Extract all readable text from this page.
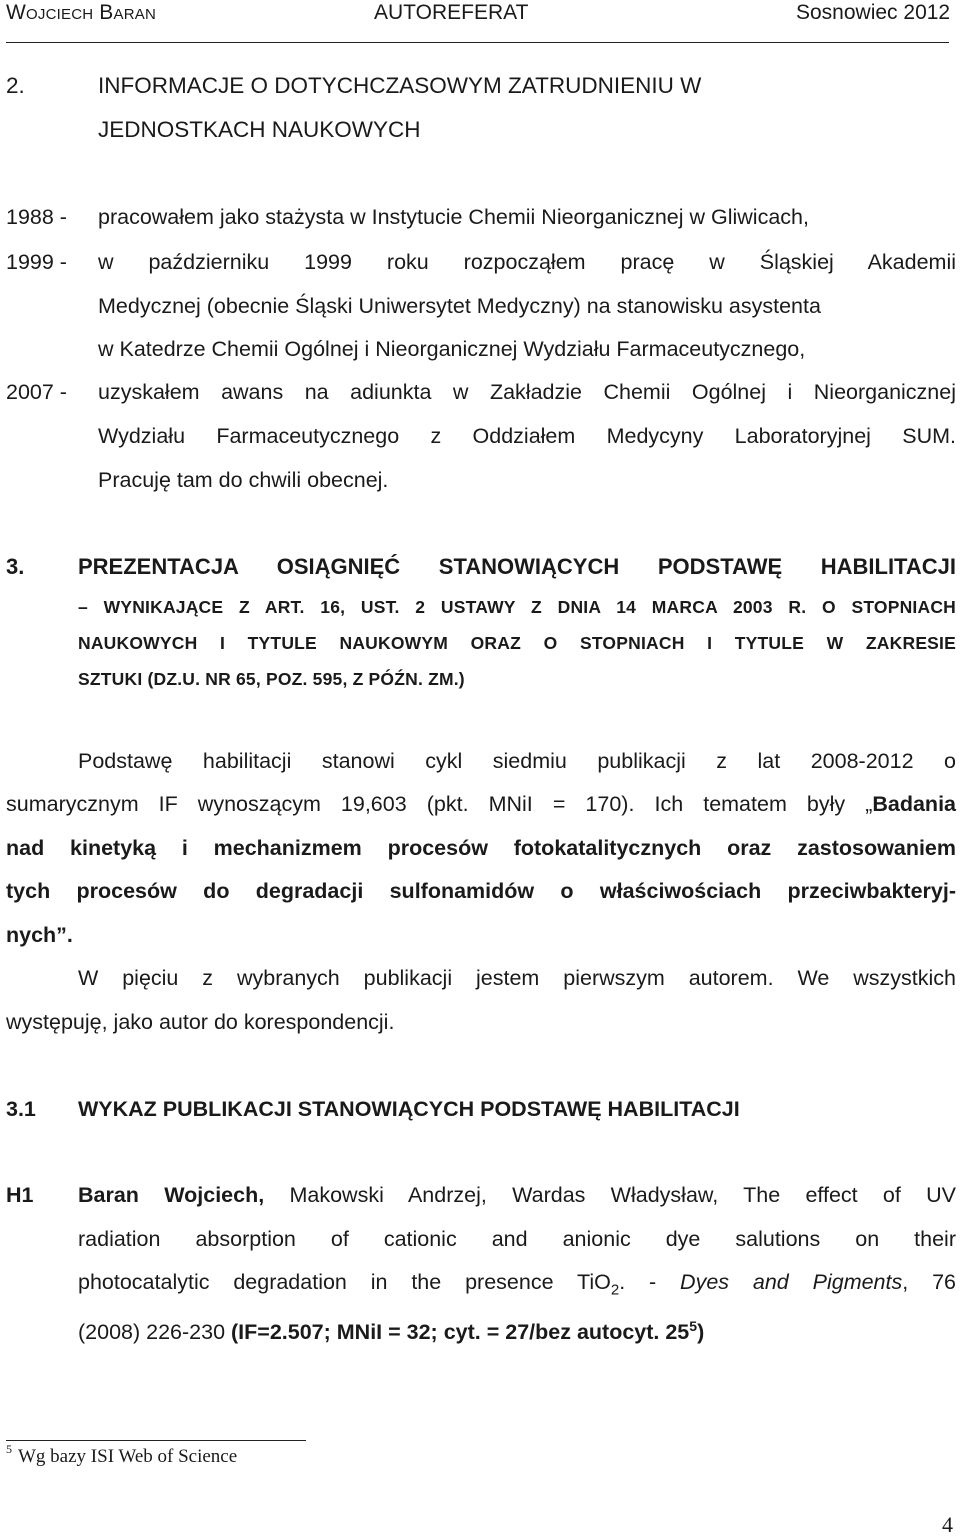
Wojciech Baran	AUTOREFERAT	Sosnowiec 2012
2.	INFORMACJE O DOTYCHCZASOWYM ZATRUDNIENIU W
JEDNOSTKACH NAUKOWYCH
1988 - pracowałem jako stażysta w Instytucie Chemii Nieorganicznej w Gliwicach,
1999 - w październiku 1999 roku rozpocząłem pracę w Śląskiej Akademii
Medycznej (obecnie Śląski Uniwersytet Medyczny) na stanowisku asystenta
w Katedrze Chemii Ogólnej i Nieorganicznej Wydziału Farmaceutycznego,
2007 - uzyskałem awans na adiunkta w Zakładzie Chemii Ogólnej i Nieorganicznej
Wydziału Farmaceutycznego z Oddziałem Medycyny Laboratoryjnej SUM.
Pracuję tam do chwili obecnej.
3. PREZENTACJA OSIĄGNIĘĆ STANOWIĄCYCH PODSTAWĘ HABILITACJI
– WYNIKAJĄCE Z ART. 16, UST. 2 USTAWY Z DNIA 14 MARCA 2003 R. O STOPNIACH
NAUKOWYCH I TYTULE NAUKOWYM ORAZ O STOPNIACH I TYTULE W ZAKRESIE
SZTUKI (DZ.U. NR 65, POZ. 595, Z PÓŹN. ZM.)
Podstawę habilitacji stanowi cykl siedmiu publikacji z lat 2008-2012 o
sumarycznym IF wynoszącym 19,603 (pkt. MNiI = 170). Ich tematem były „Badania
nad kinetyką i mechanizmem procesów fotokatalitycznych oraz zastosowaniem
tych procesów do degradacji sulfonamidów o właściwościach przeciwbakteryj-
nych”.
W pięciu z wybranych publikacji jestem pierwszym autorem. We wszystkich
występuję, jako autor do korespondencji.
3.1 WYKAZ PUBLIKACJI STANOWIĄCYCH PODSTAWĘ HABILITACJI
H1 Baran Wojciech, Makowski Andrzej, Wardas Władysław, The effect of UV
radiation absorption of cationic and anionic dye salutions on their
photocatalytic degradation in the presence TiO$_2$. - Dyes and Pigments, 76
(2008) 226-230 (IF=2.507; MNiI = 32; cyt. = 27/bez autocyt. $25^5$)
$^5$ Wg bazy ISI Web of Science
4
